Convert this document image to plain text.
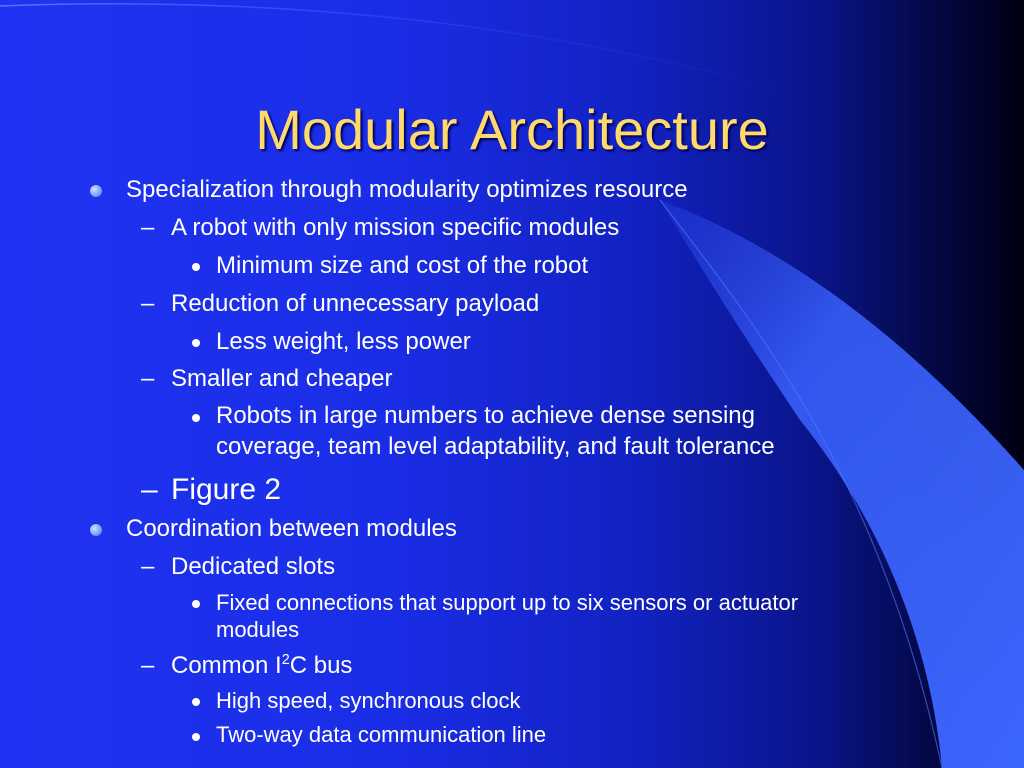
Modular Architecture
Specialization through modularity optimizes resource
– A robot with only mission specific modules
Minimum size and cost of the robot
– Reduction of unnecessary payload
Less weight, less power
– Smaller and cheaper
Robots in large numbers to achieve dense sensing
coverage, team level adaptability, and fault tolerance
– Figure 2
Coordination between modules
– Dedicated slots
Fixed connections that support up to six sensors or actuator
modules
– Common $I^2C$ bus
High speed, synchronous clock
Two-way data communication line
